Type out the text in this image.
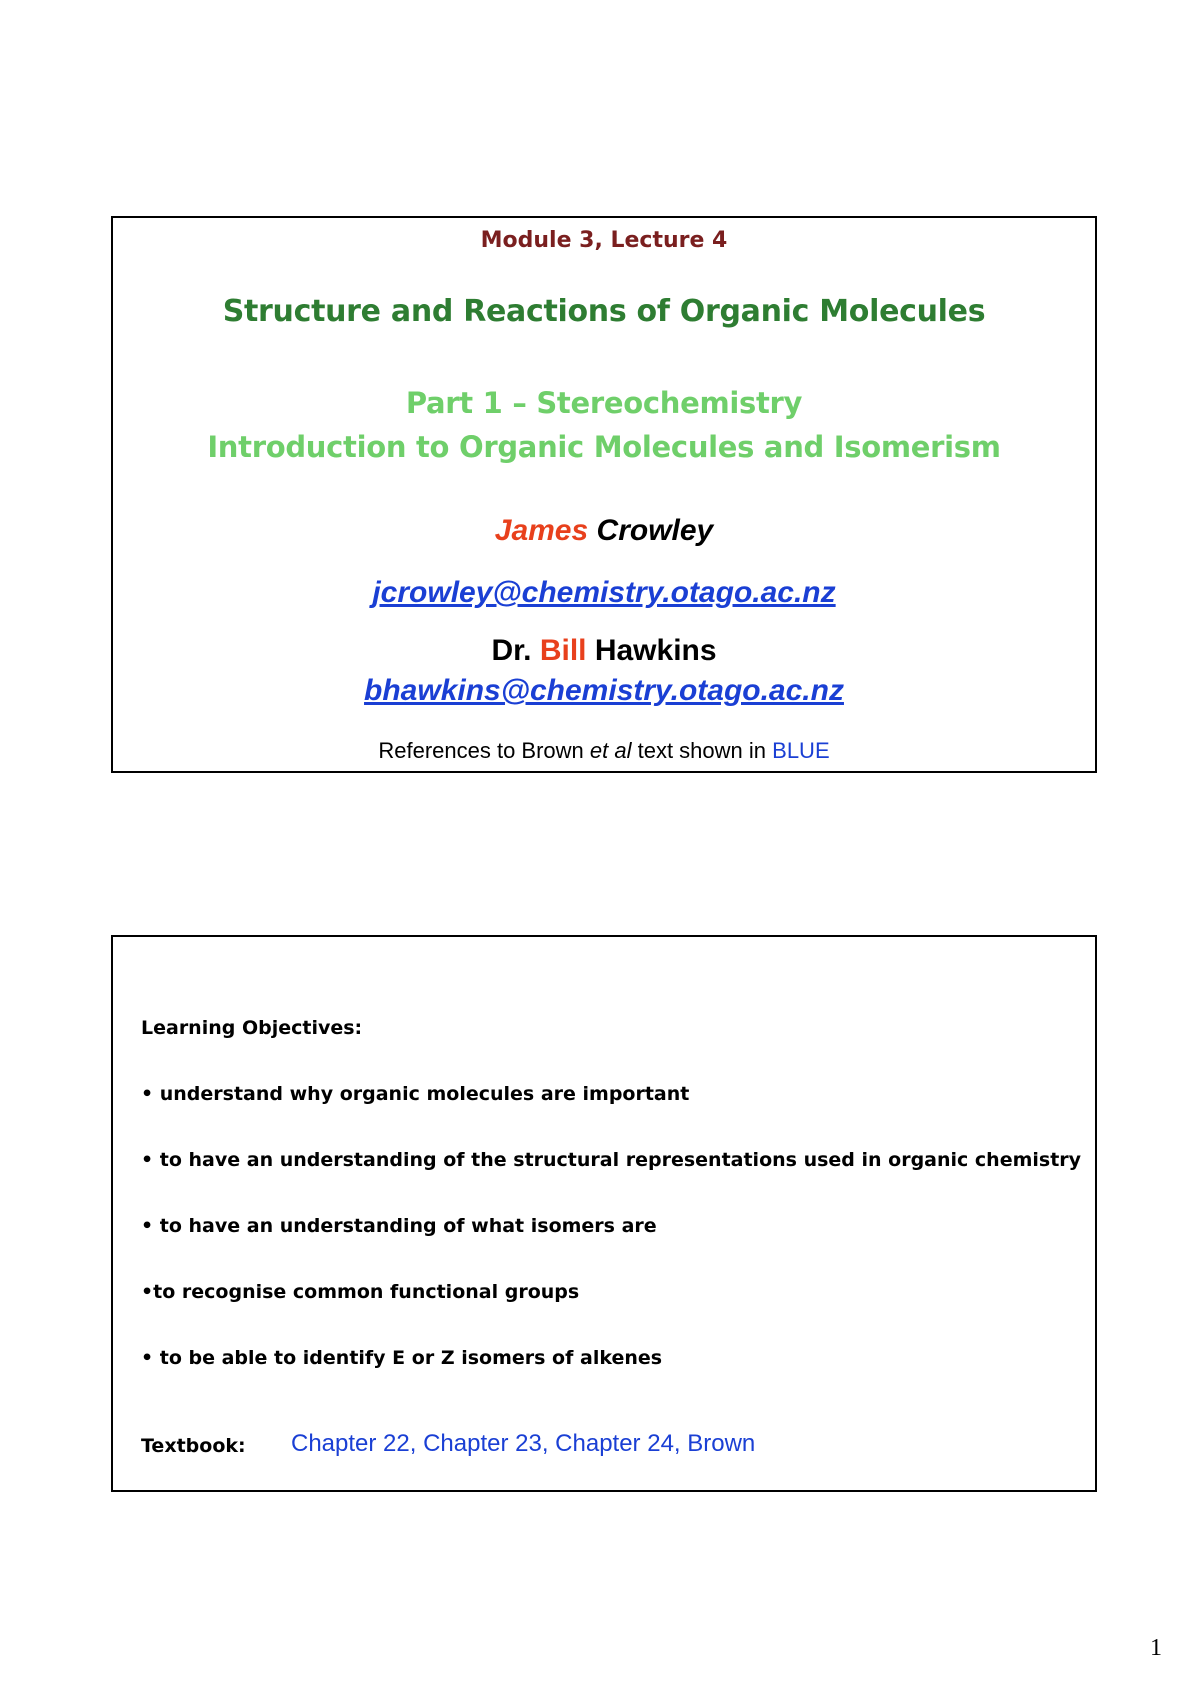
Module 3, Lecture 4
Structure and Reactions of Organic Molecules
Part 1 – Stereochemistry
Introduction to Organic Molecules and Isomerism
James Crowley
jcrowley@chemistry.otago.ac.nz
Dr. Bill Hawkins
bhawkins@chemistry.otago.ac.nz
References to Brown et al text shown in BLUE
Learning Objectives:
• understand why organic molecules are important
• to have an understanding of the structural representations used in organic chemistry
• to have an understanding of what isomers are
•to recognise common functional groups
• to be able to identify E or Z isomers of alkenes
Textbook: Chapter 22, Chapter 23, Chapter 24, Brown
1
